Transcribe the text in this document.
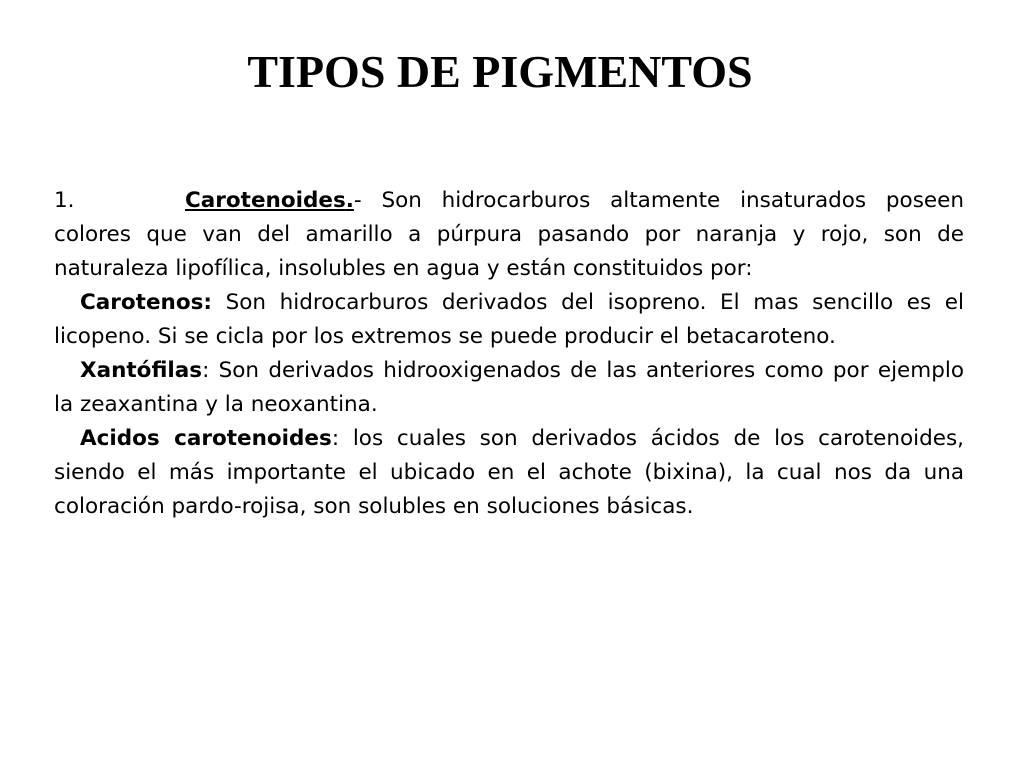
TIPOS DE PIGMENTOS

1.	Carotenoides.- Son hidrocarburos altamente insaturados poseen colores que van del amarillo a púrpura pasando por naranja y rojo, son de naturaleza lipofílica, insolubles en agua y están constituidos por:

Carotenos: Son hidrocarburos derivados del isopreno. El mas sencillo es el licopeno. Si se cicla por los extremos se puede producir el betacaroteno.

Xantófilas: Son derivados hidrooxigenados de las anteriores como por ejemplo la zeaxantina y la neoxantina.

Acidos carotenoides: los cuales son derivados ácidos de los carotenoides, siendo el más importante el ubicado en el achote (bixina), la cual nos da una coloración pardo-rojisa, son solubles en soluciones básicas.
